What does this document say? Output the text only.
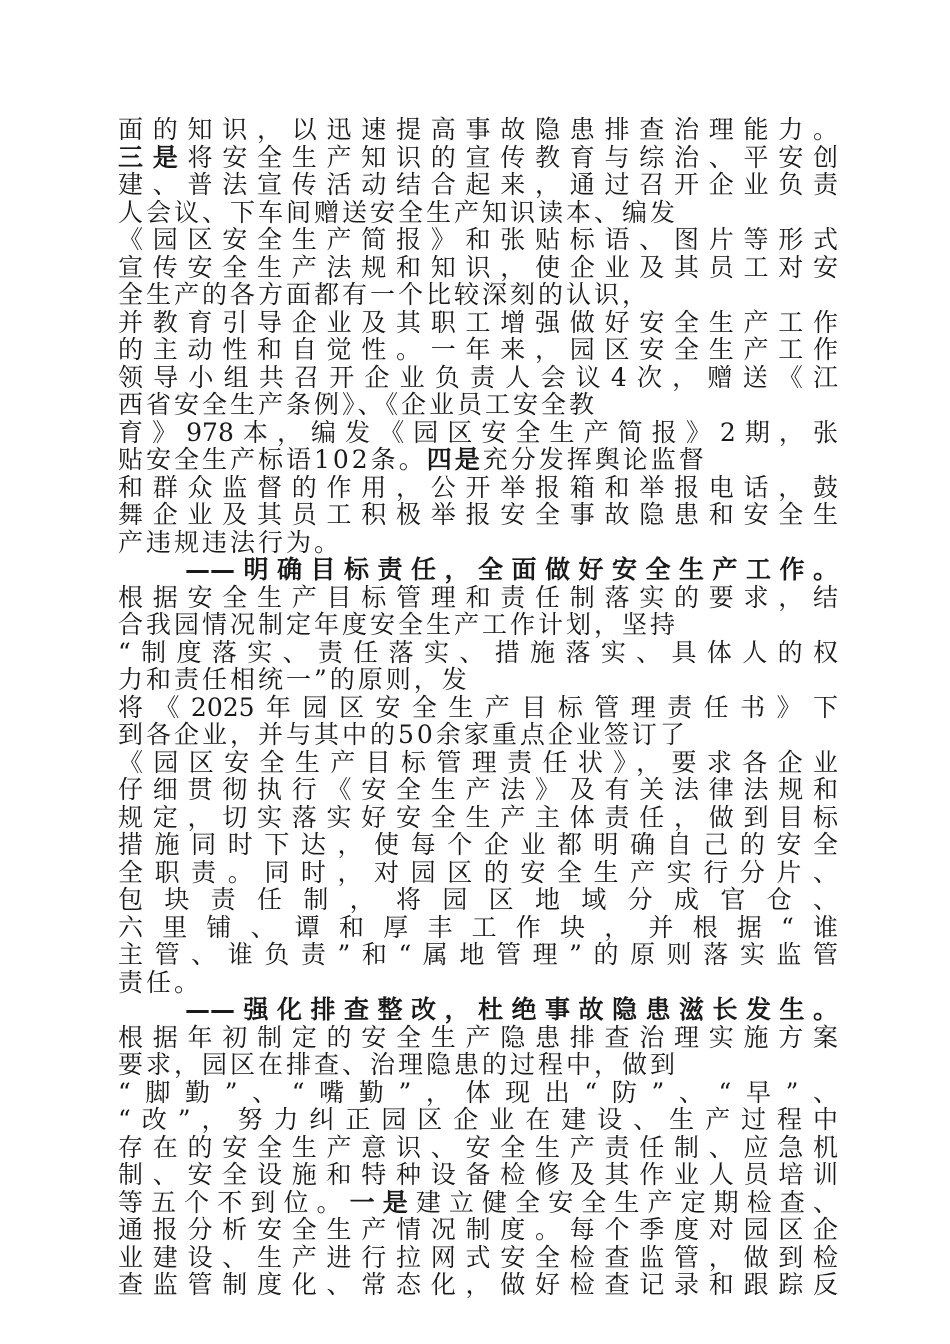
面的知识，以迅速提高事故隐患排查治理能力。
三是将安全生产知识的宣传教育与综治、平安创
建、普法宣传活动结合起来，通过召开企业负责
人会议、下车间赠送安全生产知识读本、编发
《园区安全生产简报》和张贴标语、图片等形式
宣传安全生产法规和知识，使企业及其员工对安
全生产的各方面都有一个比较深刻的认识，
并教育引导企业及其职工增强做好安全生产工作
的主动性和自觉性。一年来，园区安全生产工作
领导小组共召开企业负责人会议4次，赠送《江
西省安全生产条例》、《企业员工安全教
育》978本，编发《园区安全生产简报》2期，张
贴安全生产标语102条。四是充分发挥舆论监督
和群众监督的作用，公开举报箱和举报电话，鼓
舞企业及其员工积极举报安全事故隐患和安全生
产违规违法行为。
　　——明确目标责任，全面做好安全生产工作。
根据安全生产目标管理和责任制落实的要求，结
合我园情况制定年度安全生产工作计划，坚持
“制度落实、责任落实、措施落实、具体人的权
力和责任相统一”的原则，发
将《2025年园区安全生产目标管理责任书》下
到各企业，并与其中的50余家重点企业签订了
《园区安全生产目标管理责任状》，要求各企业
仔细贯彻执行《安全生产法》及有关法律法规和
规定，切实落实好安全生产主体责任，做到目标
措施同时下达，使每个企业都明确自己的安全
全职责。同时，对园区的安全生产实行分片、
包块责任制，将园区地域分成官仓、
六里铺、谭和厚丰工作块，并根据“谁
主管、谁负责”和“属地管理”的原则落实监管
责任。
　　——强化排查整改，杜绝事故隐患滋长发生。
根据年初制定的安全生产隐患排查治理实施方案
要求，园区在排查、治理隐患的过程中，做到
“脚勤”、“嘴勤”，体现出“防”、“早”、
“改”，努力纠正园区企业在建设、生产过程中
存在的安全生产意识、安全生产责任制、应急机
制、安全设施和特种设备检修及其作业人员培训
等五个不到位。一是建立健全安全生产定期检查、
通报分析安全生产情况制度。每个季度对园区企
业建设、生产进行拉网式安全检查监管，做到检
查监管制度化、常态化，做好检查记录和跟踪反
